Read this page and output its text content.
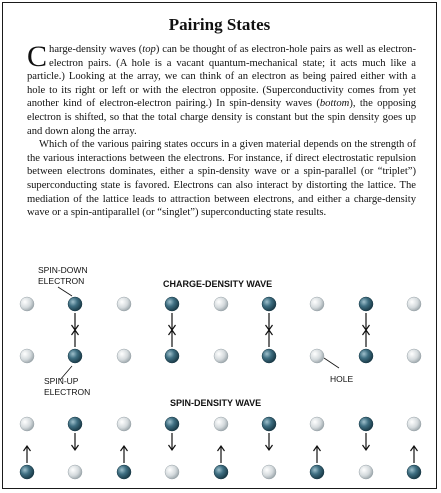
Pairing States

Charge-density waves (top) can be thought of as electron-hole pairs as well as electron-electron pairs. (A hole is a vacant quantum-mechanical state; it acts much like a particle.) Looking at the array, we can think of an electron as being paired either with a hole to its right or left or with the electron opposite. (Superconductivity comes from yet another kind of electron-electron pairing.) In spin-density waves (bottom), the opposing electron is shifted, so that the total charge density is constant but the spin density goes up and down along the array.

Which of the various pairing states occurs in a given material depends on the strength of the various interactions between the electrons. For instance, if direct electrostatic repulsion between electrons dominates, either a spin-density wave or a spin-parallel (or “triplet”) superconducting state is favored. Electrons can also interact by distorting the lattice. The mediation of the lattice leads to attraction between electrons, and either a charge-density wave or a spin-antiparallel (or “singlet”) superconducting state results.

SPIN-DOWN
ELECTRON	CHARGE-DENSITY WAVE
HOLE
SPIN-UP
ELECTRON
SPIN-DENSITY WAVE
